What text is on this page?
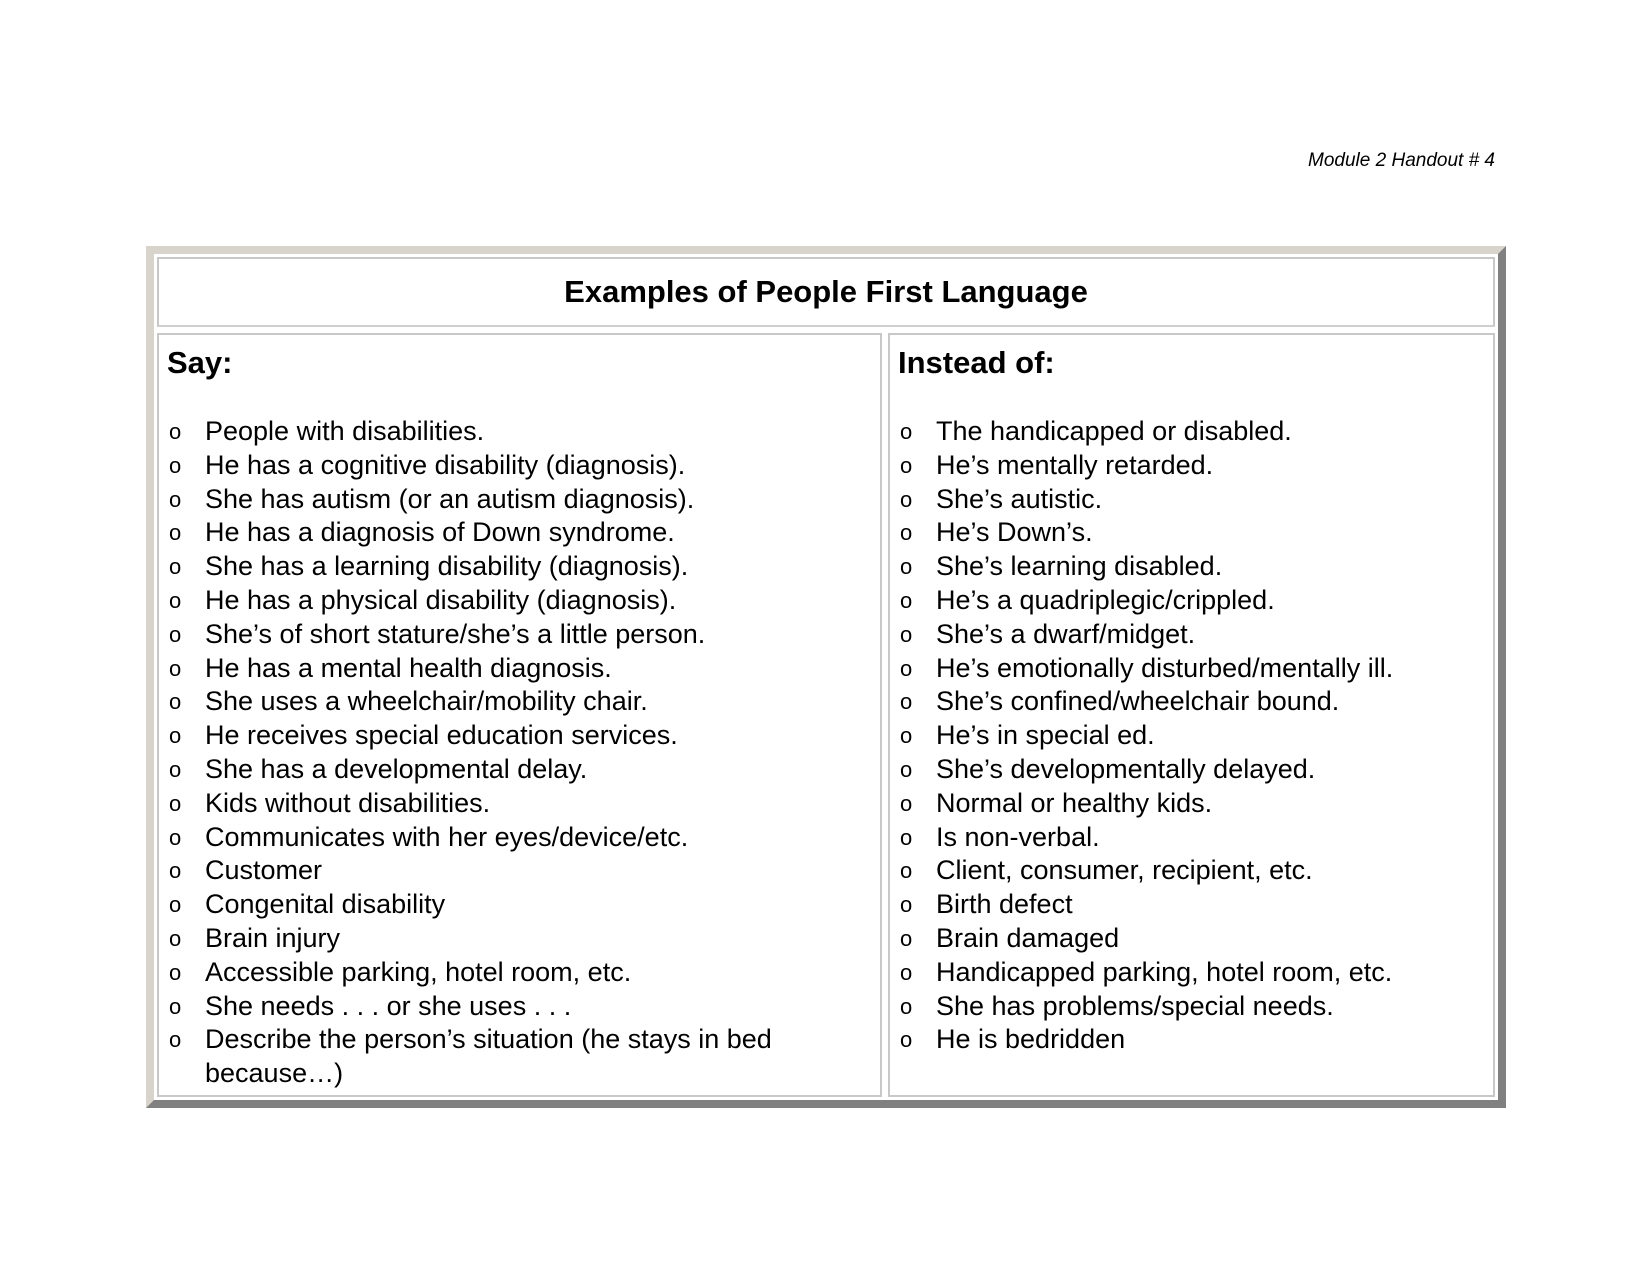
Module 2 Handout # 4
Examples of People First Language
Say:
o People with disabilities.
o He has a cognitive disability (diagnosis).
o She has autism (or an autism diagnosis).
o He has a diagnosis of Down syndrome.
o She has a learning disability (diagnosis).
o He has a physical disability (diagnosis).
o She’s of short stature/she’s a little person.
o He has a mental health diagnosis.
o She uses a wheelchair/mobility chair.
o He receives special education services.
o She has a developmental delay.
o Kids without disabilities.
o Communicates with her eyes/device/etc.
o Customer
o Congenital disability
o Brain injury
o Accessible parking, hotel room, etc.
o She needs . . . or she uses . . .
o Describe the person’s situation (he stays in bed because…)
Instead of:
o The handicapped or disabled.
o He’s mentally retarded.
o She’s autistic.
o He’s Down’s.
o She’s learning disabled.
o He’s a quadriplegic/crippled.
o She’s a dwarf/midget.
o He’s emotionally disturbed/mentally ill.
o She’s confined/wheelchair bound.
o He’s in special ed.
o She’s developmentally delayed.
o Normal or healthy kids.
o Is non-verbal.
o Client, consumer, recipient, etc.
o Birth defect
o Brain damaged
o Handicapped parking, hotel room, etc.
o She has problems/special needs.
o He is bedridden
